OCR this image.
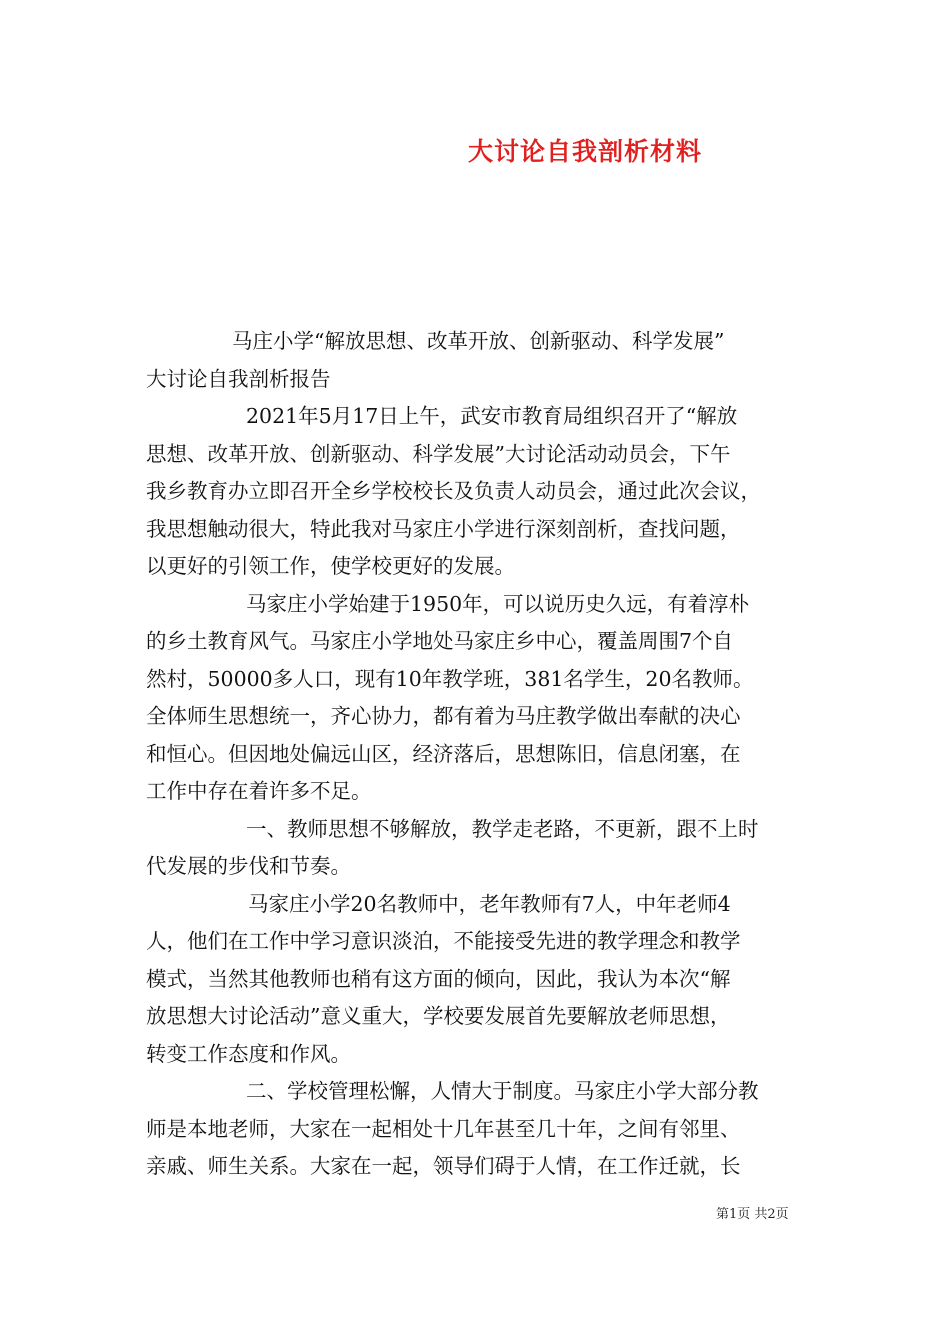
大讨论自我剖析材料

马庄小学“解放思想、改革开放、创新驱动、科学发展”
大讨论自我剖析报告

2021年5月17日上午，武安市教育局组织召开了“解放
思想、改革开放、创新驱动、科学发展”大讨论活动动员会，下午
我乡教育办立即召开全乡学校校长及负责人动员会，通过此次会议，
我思想触动很大，特此我对马家庄小学进行深刻剖析，查找问题，
以更好的引领工作，使学校更好的发展。

马家庄小学始建于1950年，可以说历史久远，有着淳朴
的乡土教育风气。马家庄小学地处马家庄乡中心，覆盖周围7个自
然村，50000多人口，现有10年教学班，381名学生，20名教师。
全体师生思想统一，齐心协力，都有着为马庄教学做出奉献的决心
和恒心。但因地处偏远山区，经济落后，思想陈旧，信息闭塞，在
工作中存在着许多不足。

一、教师思想不够解放，教学走老路，不更新，跟不上时
代发展的步伐和节奏。

马家庄小学20名教师中，老年教师有7人，中年老师4
人，他们在工作中学习意识淡泊，不能接受先进的教学理念和教学
模式，当然其他教师也稍有这方面的倾向，因此，我认为本次“解
放思想大讨论活动”意义重大，学校要发展首先要解放老师思想，
转变工作态度和作风。

二、学校管理松懈，人情大于制度。马家庄小学大部分教
师是本地老师，大家在一起相处十几年甚至几十年，之间有邻里、
亲戚、师生关系。大家在一起，领导们碍于人情，在工作迁就，长

第1页 共2页
